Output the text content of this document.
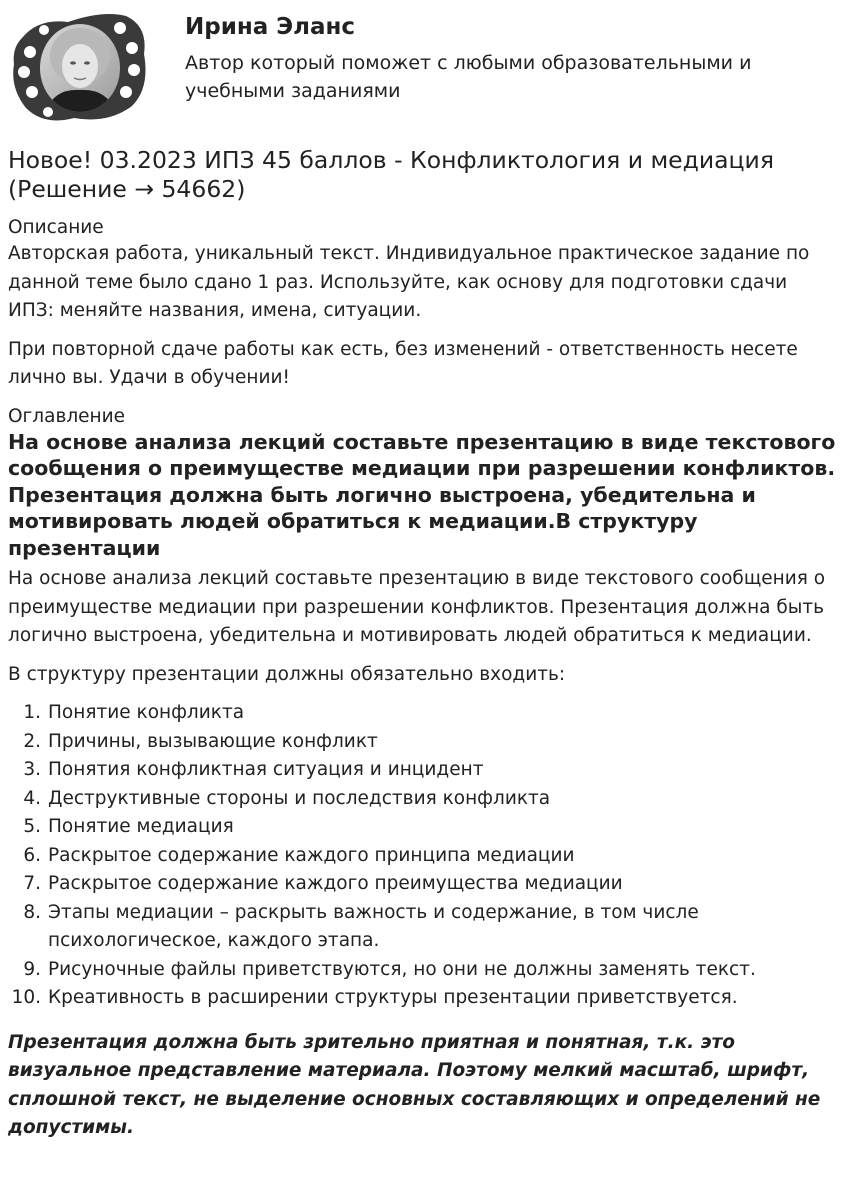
Ирина Эланс
Автор который поможет с любыми образовательными и учебными заданиями
Новое! 03.2023 ИПЗ 45 баллов - Конфликтология и медиация (Решение → 54662)
Описание

Авторская работа, уникальный текст. Индивидуальное практическое задание по данной теме было сдано 1 раз. Используйте, как основу для подготовки сдачи ИПЗ: меняйте названия, имена, ситуации.

При повторной сдаче работы как есть, без изменений - ответственность несете лично вы. Удачи в обучении!

Оглавление
На основе анализа лекций составьте презентацию в виде текстового сообщения о преимуществе медиации при разрешении конфликтов. Презентация должна быть логично выстроена, убедительна и мотивировать людей обратиться к медиации.В структуру презентации

На основе анализа лекций составьте презентацию в виде текстового сообщения о преимуществе медиации при разрешении конфликтов. Презентация должна быть логично выстроена, убедительна и мотивировать людей обратиться к медиации.

В структуру презентации должны обязательно входить:

1. Понятие конфликта
2. Причины, вызывающие конфликт
3. Понятия конфликтная ситуация и инцидент
4. Деструктивные стороны и последствия конфликта
5. Понятие медиация
6. Раскрытое содержание каждого принципа медиации
7. Раскрытое содержание каждого преимущества медиации
8. Этапы медиации – раскрыть важность и содержание, в том числе психологическое, каждого этапа.
9. Рисуночные файлы приветствуются, но они не должны заменять текст.
10. Креативность в расширении структуры презентации приветствуется.
Презентация должна быть зрительно приятная и понятная, т.к. это визуальное представление материала. Поэтому мелкий масштаб, шрифт, сплошной текст, не выделение основных составляющих и определений не допустимы.
